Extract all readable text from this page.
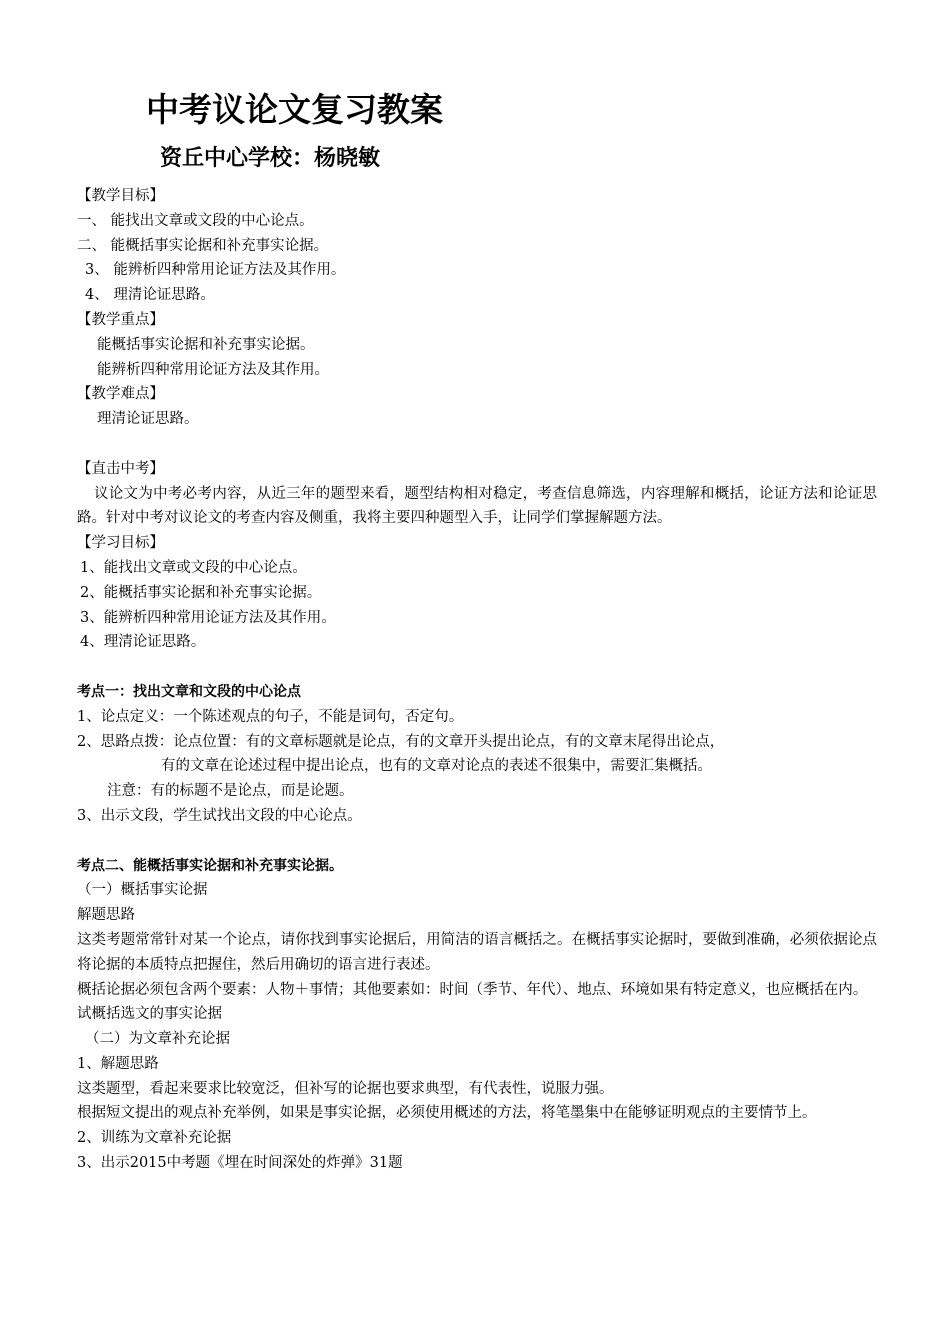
中考议论文复习教案
资丘中心学校：杨晓敏
【教学目标】
一、 能找出文章或文段的中心论点。
二、 能概括事实论据和补充事实论据。
3、 能辨析四种常用论证方法及其作用。
4、 理清论证思路。
【教学重点】
能概括事实论据和补充事实论据。
能辨析四种常用论证方法及其作用。
【教学难点】
理清论证思路。
【直击中考】
议论文为中考必考内容，从近三年的题型来看，题型结构相对稳定，考查信息筛选，内容理解和概括，论证方法和论证思路。针对中考对议论文的考查内容及侧重，我将主要四种题型入手，让同学们掌握解题方法。
【学习目标】
1、能找出文章或文段的中心论点。
2、能概括事实论据和补充事实论据。
3、能辨析四种常用论证方法及其作用。
4、理清论证思路。
考点一：找出文章和文段的中心论点
1、论点定义：一个陈述观点的句子，不能是词句，否定句。
2、思路点拨：论点位置：有的文章标题就是论点，有的文章开头提出论点，有的文章末尾得出论点，
有的文章在论述过程中提出论点，也有的文章对论点的表述不很集中，需要汇集概括。
注意：有的标题不是论点，而是论题。
3、出示文段，学生试找出文段的中心论点。
考点二、能概括事实论据和补充事实论据。
（一）概括事实论据
解题思路
这类考题常常针对某一个论点，请你找到事实论据后，用简洁的语言概括之。在概括事实论据时，要做到准确，必须依据论点将论据的本质特点把握住，然后用确切的语言进行表述。
概括论据必须包含两个要素：人物＋事情；其他要素如：时间（季节、年代）、地点、环境如果有特定意义，也应概括在内。
试概括选文的事实论据
（二）为文章补充论据
1、解题思路
这类题型，看起来要求比较宽泛，但补写的论据也要求典型，有代表性，说服力强。
根据短文提出的观点补充举例，如果是事实论据，必须使用概述的方法，将笔墨集中在能够证明观点的主要情节上。
2、训练为文章补充论据
3、出示2015中考题《埋在时间深处的炸弹》31题
